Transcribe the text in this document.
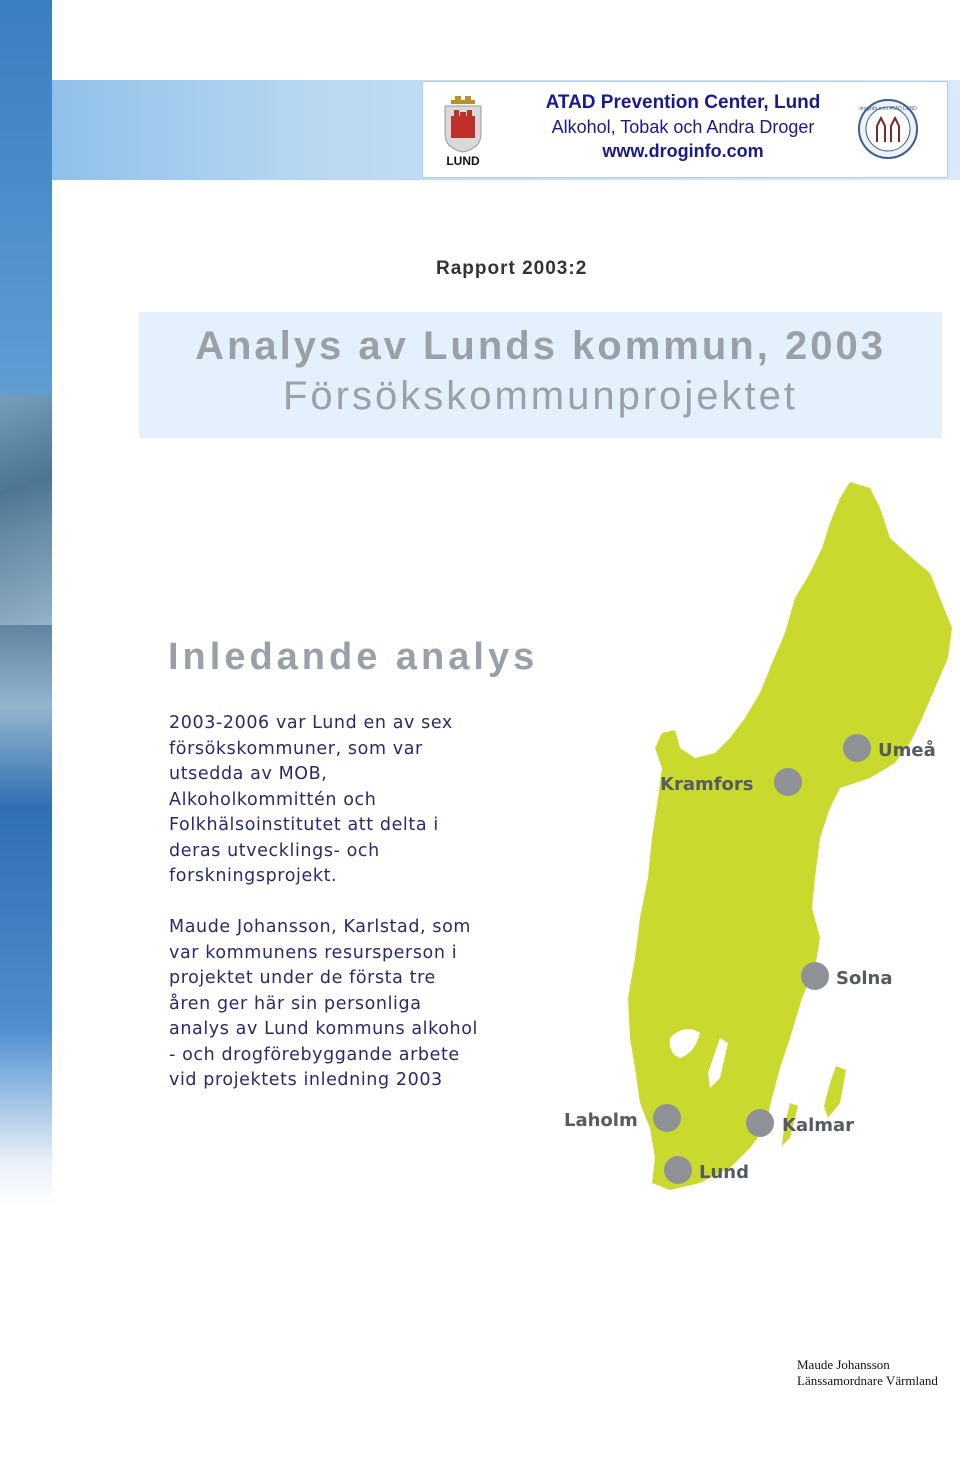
LUND
ATAD Prevention Center, Lund
Alkohol, Tobak och Andra Droger
www.droginfo.com
droginfo.com ATAD LUND
Rapport 2003:2
Analys av Lunds kommun, 2003
Försökskommunprojektet
Inledande analys
2003-2006 var Lund en av sex
försökskommuner, som var
utsedda av MOB,
Alkoholkommittén och
Folkhälsoinstitutet att delta i
deras utvecklings- och
forskningsprojekt.
Maude Johansson, Karlstad, som
var kommunens resursperson i
projektet under de första tre
åren ger här sin personliga
analys av Lund kommuns alkohol
- och drogförebyggande arbete
vid projektets inledning 2003
Umeå
Kramfors
Solna
Laholm	Kalmar
Lund
Maude Johansson
Länssamordnare Värmland
